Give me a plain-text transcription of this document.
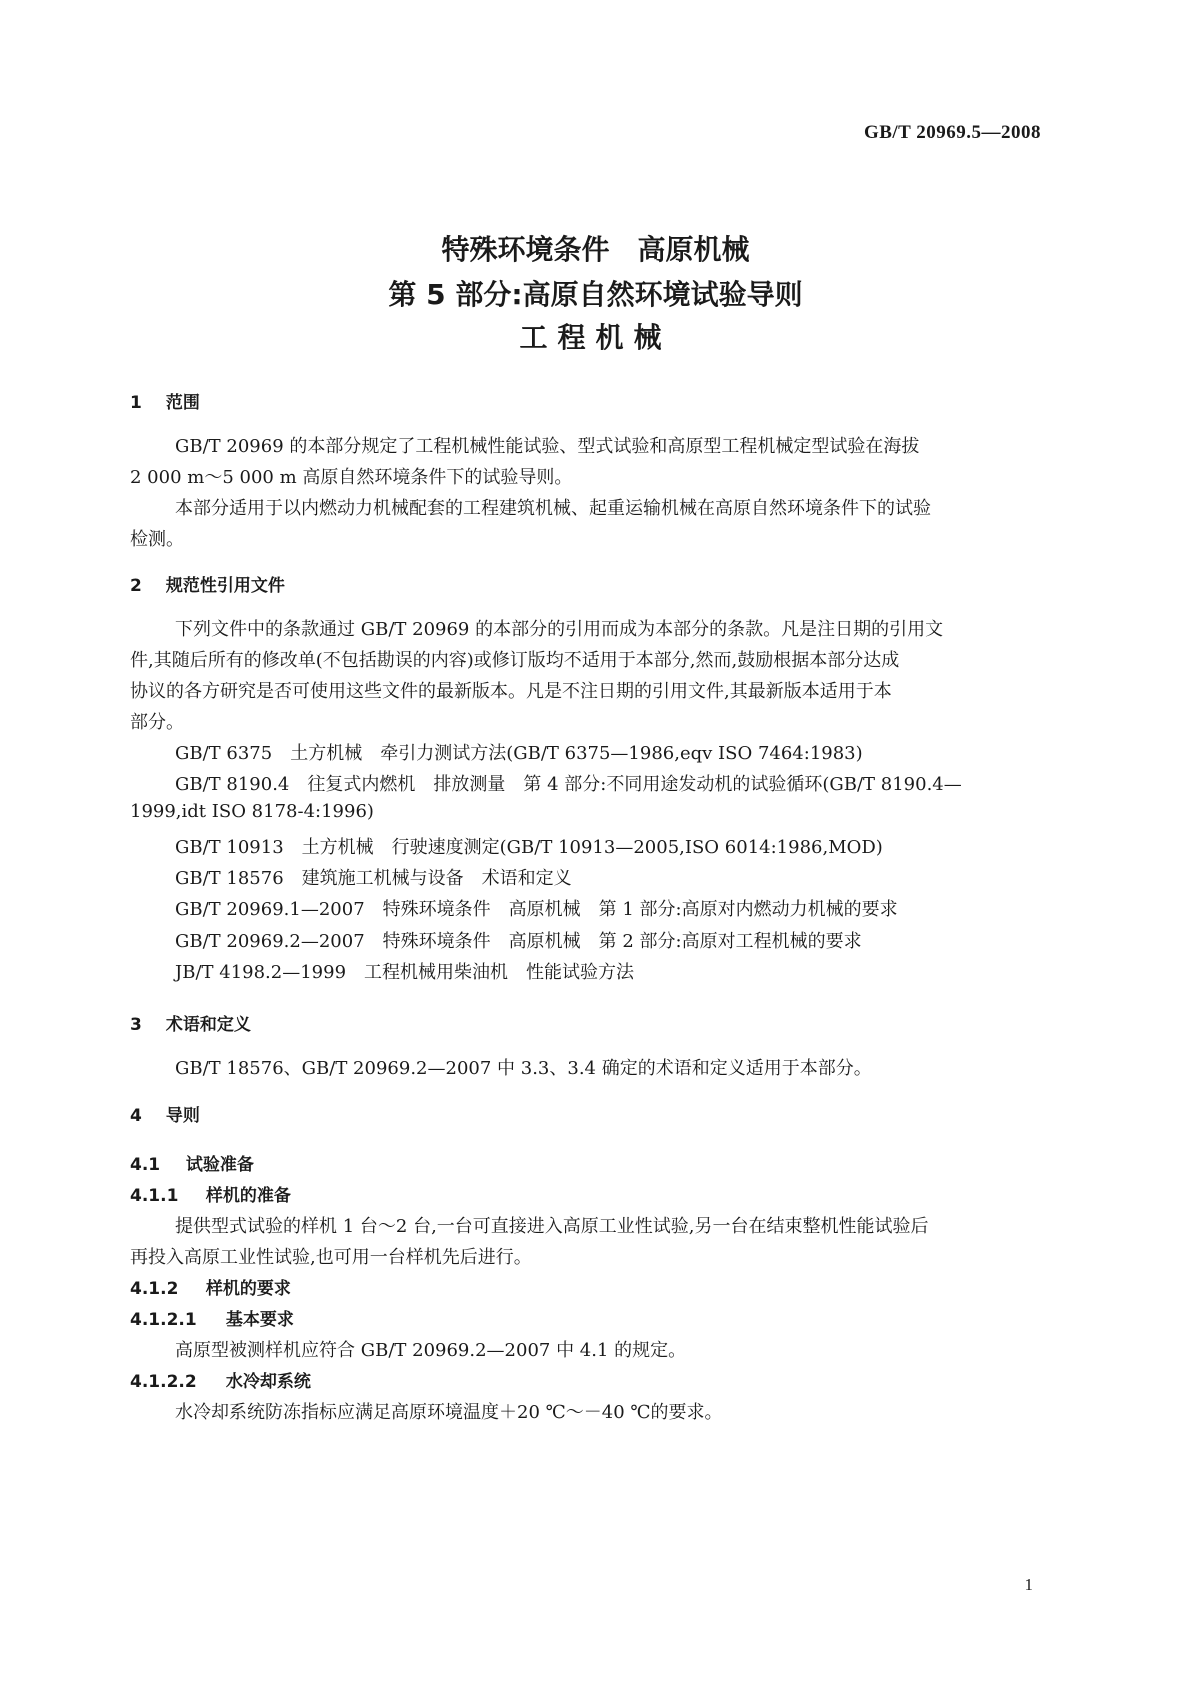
GB/T 20969.5—2008
特殊环境条件　高原机械
第 5 部分:高原自然环境试验导则
工程机械
1 范围
GB/T 20969 的本部分规定了工程机械性能试验、型式试验和高原型工程机械定型试验在海拔
2 000 m～5 000 m 高原自然环境条件下的试验导则。
本部分适用于以内燃动力机械配套的工程建筑机械、起重运输机械在高原自然环境条件下的试验
检测。
2 规范性引用文件
下列文件中的条款通过 GB/T 20969 的本部分的引用而成为本部分的条款。凡是注日期的引用文
件,其随后所有的修改单(不包括勘误的内容)或修订版均不适用于本部分,然而,鼓励根据本部分达成
协议的各方研究是否可使用这些文件的最新版本。凡是不注日期的引用文件,其最新版本适用于本
部分。
GB/T 6375　土方机械　牵引力测试方法(GB/T 6375—1986,eqv ISO 7464:1983)
GB/T 8190.4　往复式内燃机　排放测量　第 4 部分:不同用途发动机的试验循环(GB/T 8190.4—
1999,idt ISO 8178-4:1996)
GB/T 10913　土方机械　行驶速度测定(GB/T 10913—2005,ISO 6014:1986,MOD)
GB/T 18576　建筑施工机械与设备　术语和定义
GB/T 20969.1—2007　特殊环境条件　高原机械　第 1 部分:高原对内燃动力机械的要求
GB/T 20969.2—2007　特殊环境条件　高原机械　第 2 部分:高原对工程机械的要求
JB/T 4198.2—1999　工程机械用柴油机　性能试验方法
3 术语和定义
GB/T 18576、GB/T 20969.2—2007 中 3.3、3.4 确定的术语和定义适用于本部分。
4 导则
4.1 试验准备
4.1.1 样机的准备
提供型式试验的样机 1 台～2 台,一台可直接进入高原工业性试验,另一台在结束整机性能试验后
再投入高原工业性试验,也可用一台样机先后进行。
4.1.2 样机的要求
4.1.2.1 基本要求
高原型被测样机应符合 GB/T 20969.2—2007 中 4.1 的规定。
4.1.2.2 水冷却系统
水冷却系统防冻指标应满足高原环境温度＋20 ℃～－40 ℃的要求。
1
